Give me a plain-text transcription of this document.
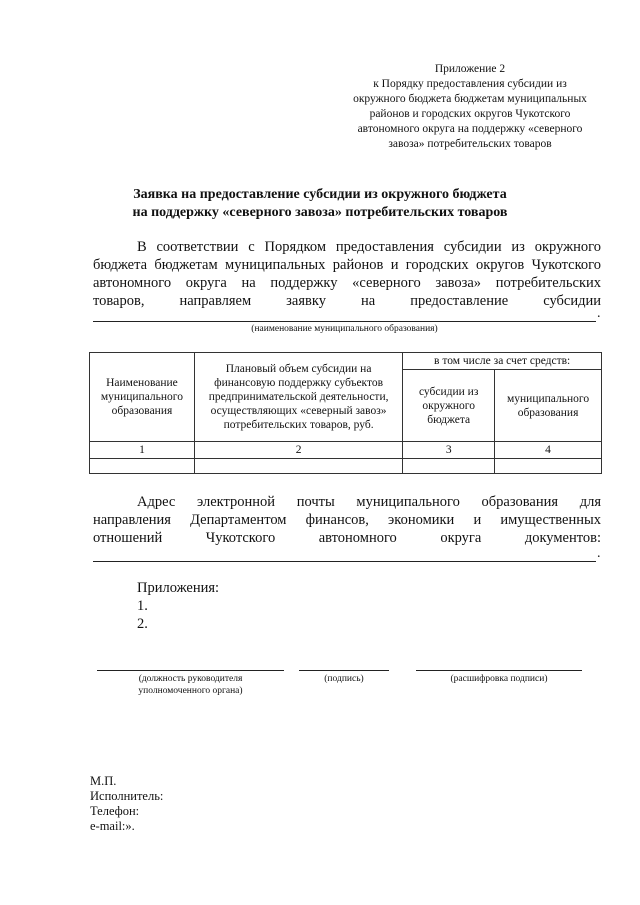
Приложение 2
к Порядку предоставления субсидии из
окружного бюджета бюджетам муниципальных
районов и городских округов Чукотского
автономного округа на поддержку «северного
завоза» потребительских товаров
Заявка на предоставление субсидии из окружного бюджета
на поддержку «северного завоза» потребительских товаров
В соответствии с Порядком предоставления субсидии из окружного
бюджета бюджетам муниципальных районов и городских округов Чукотского
автономного округа на поддержку «северного завоза» потребительских
товаров, направляем заявку на предоставление субсидии
.
(наименование муниципального образования)
Наименование муниципального образования	Плановый объем субсидии на финансовую поддержку субъектов предпринимательской деятельности, осуществляющих «северный завоз» потребительских товаров, руб.	в том числе за счет средств:	
		субсидии из окружного бюджета	муниципального образования
1	2	3	4

Адрес электронной почты муниципального образования для
направления Департаментом финансов, экономики и имущественных
отношений Чукотского автономного округа документов:
.
Приложения:
1.
2.
(должность руководителя
уполномоченного органа)
(подпись)	(расшифровка подписи)
М.П.
Исполнитель:
Телефон:
e-mail:».
